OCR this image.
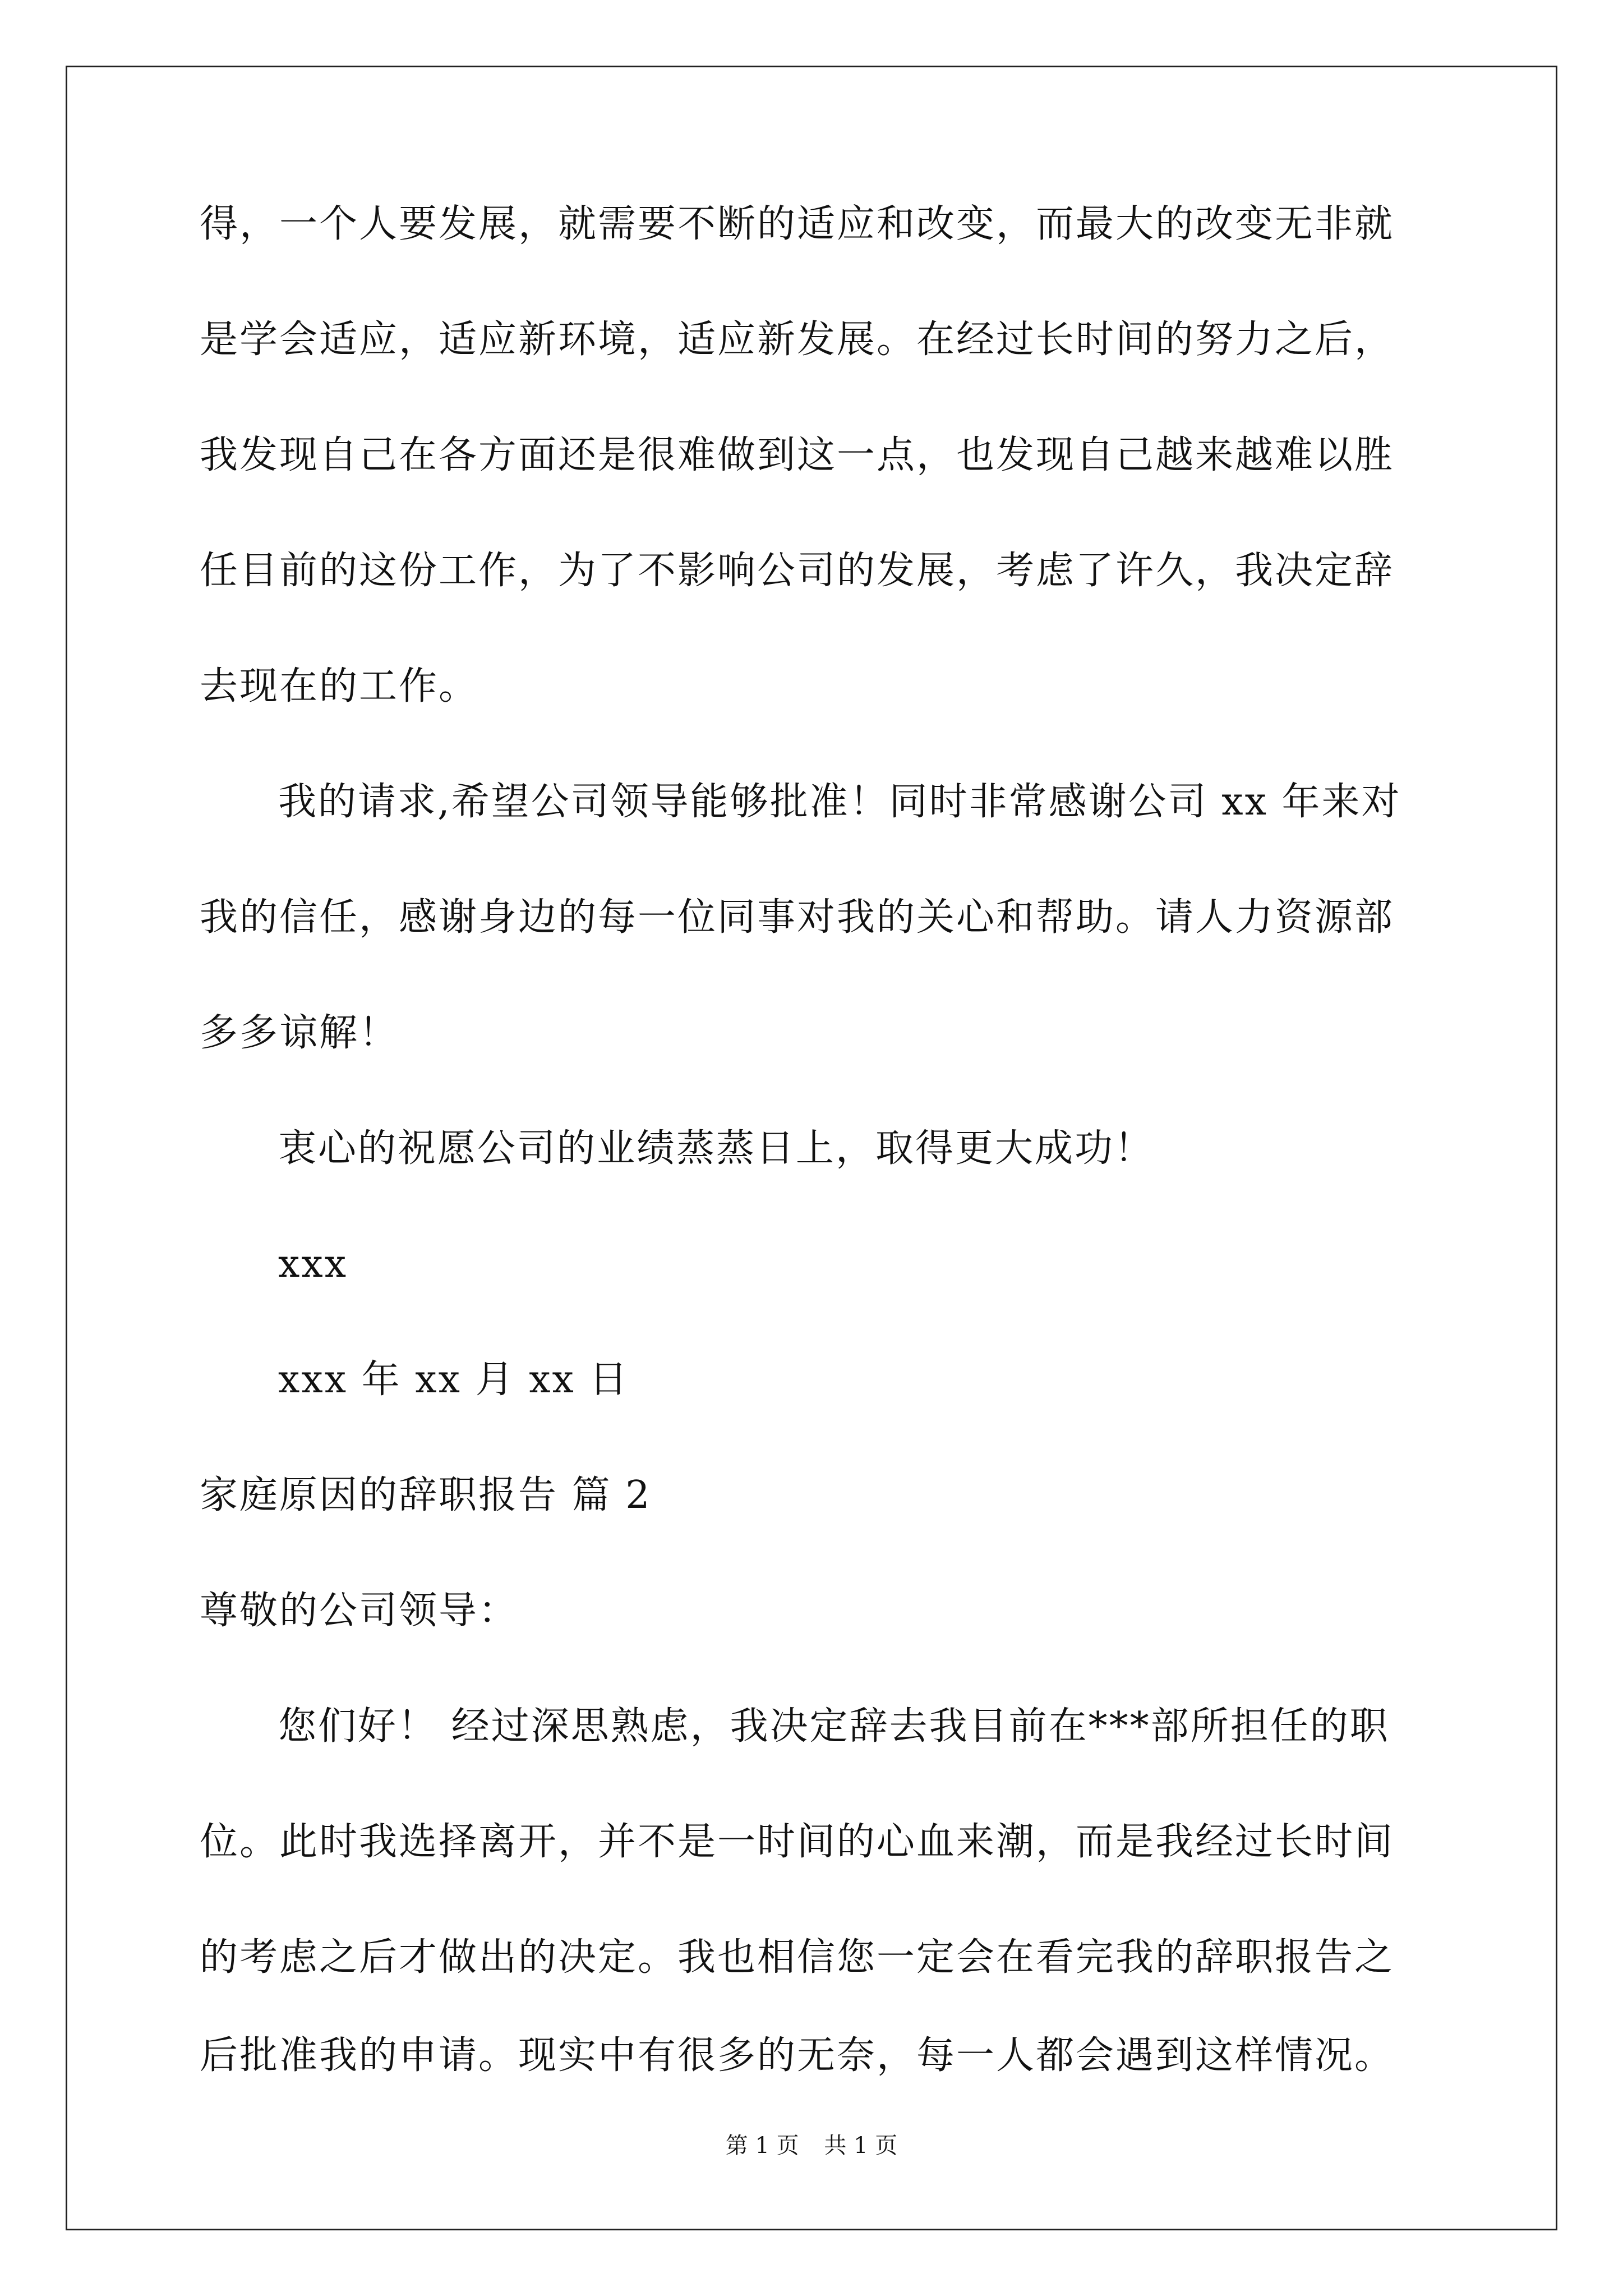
得，一个人要发展，就需要不断的适应和改变，而最大的改变无非就
是学会适应，适应新环境，适应新发展。在经过长时间的努力之后，
我发现自己在各方面还是很难做到这一点，也发现自己越来越难以胜
任目前的这份工作，为了不影响公司的发展，考虑了许久，我决定辞
去现在的工作。
我的请求,希望公司领导能够批准！同时非常感谢公司 xx 年来对
我的信任，感谢身边的每一位同事对我的关心和帮助。请人力资源部
多多谅解！
衷心的祝愿公司的业绩蒸蒸日上，取得更大成功！
xxx
xxx 年 xx 月 xx 日
家庭原因的辞职报告 篇 2
尊敬的公司领导：
您们好！ 经过深思熟虑，我决定辞去我目前在***部所担任的职
位。此时我选择离开，并不是一时间的心血来潮，而是我经过长时间
的考虑之后才做出的决定。我也相信您一定会在看完我的辞职报告之
后批准我的申请。现实中有很多的无奈，每一人都会遇到这样情况。
第 1 页 共 1 页
